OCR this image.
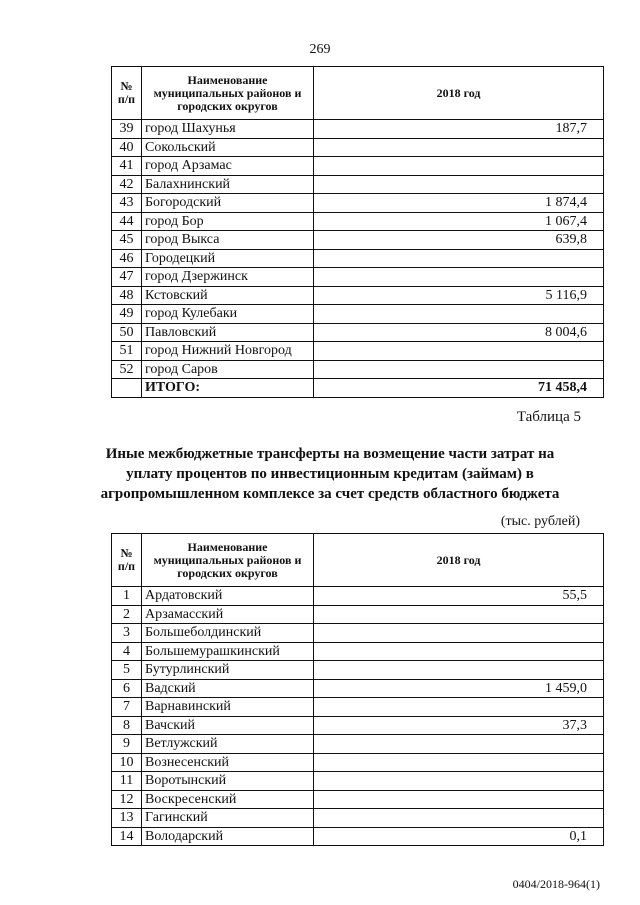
269
№ п/п	Наименование муниципальных районов и городских округов	2018 год
39	город Шахунья	187,7
40	Сокольский	
41	город Арзамас	
42	Балахнинский	
43	Богородский	1 874,4
44	город Бор	1 067,4
45	город Выкса	639,8
46	Городецкий	
47	город Дзержинск	
48	Кстовский	5 116,9
49	город Кулебаки	
50	Павловский	8 004,6
51	город Нижний Новгород	
52	город Саров	
	ИТОГО:	71 458,4
Таблица 5
Иные межбюджетные трансферты на возмещение части затрат на уплату процентов по инвестиционным кредитам (займам) в агропромышленном комплексе за счет средств областного бюджета
(тыс. рублей)
№ п/п	Наименование муниципальных районов и городских округов	2018 год
1	Ардатовский	55,5
2	Арзамасский	
3	Большеболдинский	
4	Большемурашкинский	
5	Бутурлинский	
6	Вадский	1 459,0
7	Варнавинский	
8	Вачский	37,3
9	Ветлужский	
10	Вознесенский	
11	Воротынский	
12	Воскресенский	
13	Гагинский	
14	Володарский	0,1
0404/2018-964(1)
